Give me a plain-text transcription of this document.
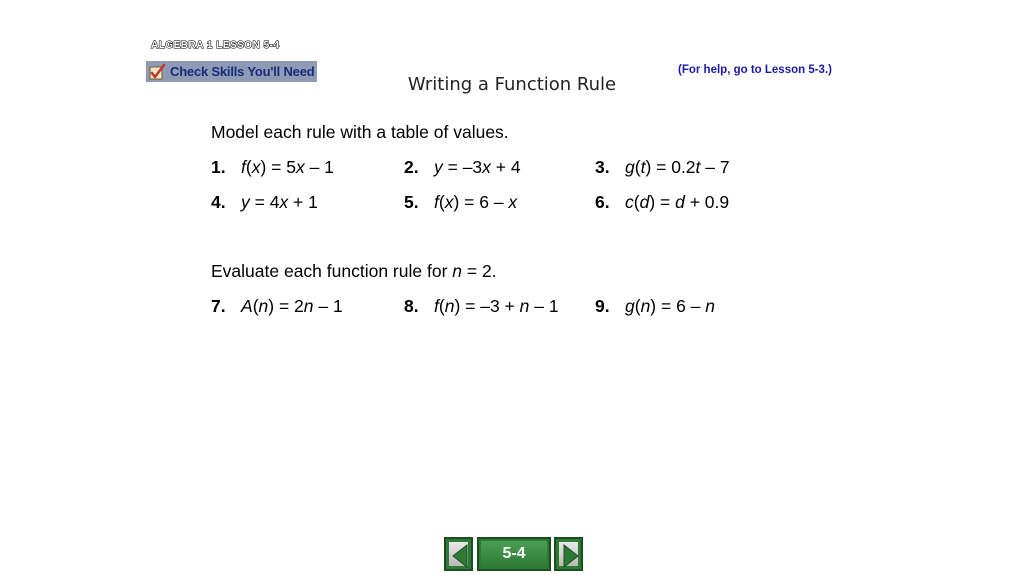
ALGEBRA 1 LESSON 5-4
Check Skills You'll Need	(For help, go to Lesson 5-3.)
Writing a Function Rule
Model each rule with a table of values.
1. f(x) = 5x – 1	2. y = –3x + 4	3. g(t) = 0.2t – 7
4. y = 4x + 1	5. f(x) = 6 – x	6. c(d) = d + 0.9
Evaluate each function rule for n = 2.
7. A(n) = 2n – 1	8. f(n) = –3 + n – 1 9. g(n) = 6 – n
5-4
